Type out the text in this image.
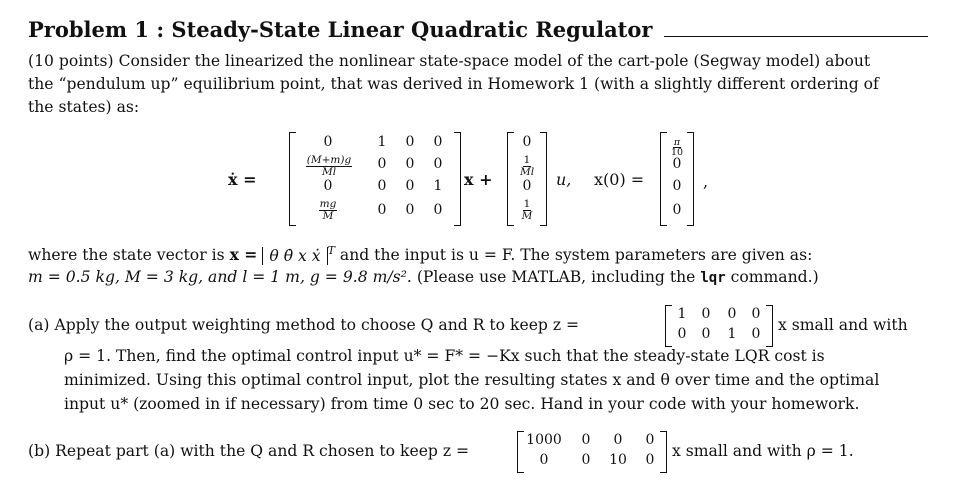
Problem 1 : Steady-State Linear Quadratic Regulator
(10 points) Consider the linearized the nonlinear state-space model of the cart-pole (Segway model) about
the “pendulum up” equilibrium point, that was derived in Homework 1 (with a slightly different ordering of
the states) as:
ẋ =
0	1	0	0
$\frac{(M+m)g}{Ml}$	0	0	0
0	0	0	1
$\frac{mg}{M}$	0	0	0
x +
0
$\frac{1}{Ml}$
0
$\frac{1}{M}$
u, x(0) =
$\frac{\pi}{10}$
0
0
0
,
where the state vector is x = θ θ̇ x ẋ $^T$ and the input is u = F. The system parameters are given as:
m = 0.5 kg, M = 3 kg, and l = 1 m, g = 9.8 m/s². (Please use MATLAB, including the lqr command.)
(a) Apply the output weighting method to choose Q and R to keep z =
1	0	0	0
0	0	1	0	x small and with
ρ = 1. Then, find the optimal control input u* = F* = −Kx such that the steady-state LQR cost is
minimized. Using this optimal control input, plot the resulting states x and θ over time and the optimal
input u* (zoomed in if necessary) from time 0 sec to 20 sec. Hand in your code with your homework.
(b) Repeat part (a) with the Q and R chosen to keep z =
1000	0	0	0
0	0	10	0	x small and with ρ = 1.
